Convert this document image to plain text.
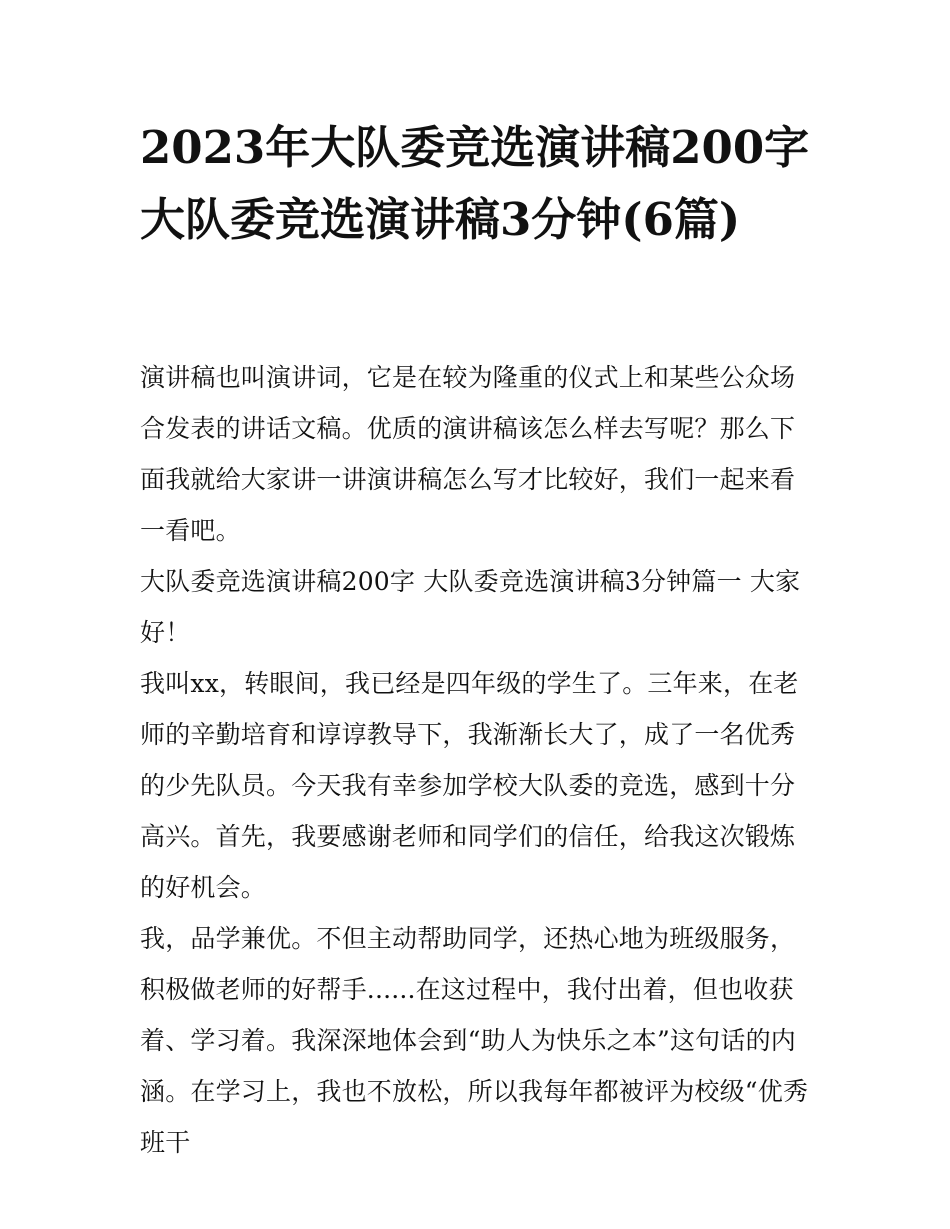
2023年大队委竞选演讲稿200字 大队委竞选演讲稿3分钟(6篇)

演讲稿也叫演讲词，它是在较为隆重的仪式上和某些公众场合发表的讲话文稿。优质的演讲稿该怎么样去写呢？那么下面我就给大家讲一讲演讲稿怎么写才比较好，我们一起来看一看吧。

大队委竞选演讲稿200字 大队委竞选演讲稿3分钟篇一 大家好！

我叫xx，转眼间，我已经是四年级的学生了。三年来，在老师的辛勤培育和谆谆教导下，我渐渐长大了，成了一名优秀的少先队员。今天我有幸参加学校大队委的竞选，感到十分高兴。首先，我要感谢老师和同学们的信任，给我这次锻炼的好机会。

我，品学兼优。不但主动帮助同学，还热心地为班级服务，积极做老师的好帮手......在这过程中，我付出着，但也收获着、学习着。我深深地体会到“助人为快乐之本”这句话的内涵。在学习上，我也不放松，所以我每年都被评为校级“优秀班干
